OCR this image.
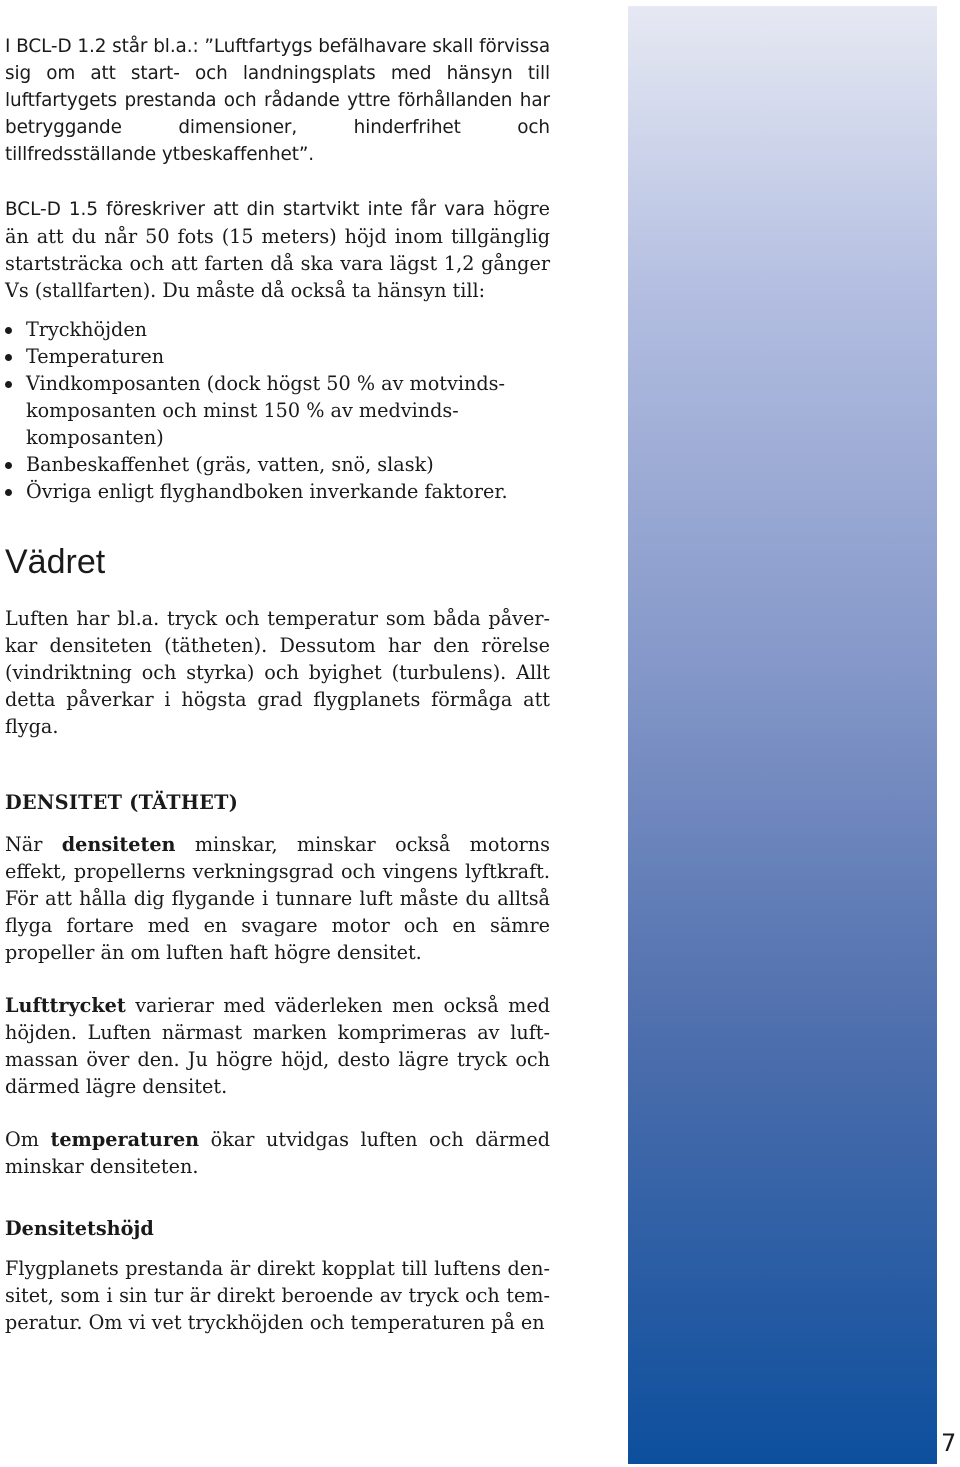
I BCL-D 1.2 står bl.a.: ”Luftfartygs befälhavare skall förvissa sig om att start- och landningsplats med hänsyn till luftfartygets prestanda och rådande yttre förhållanden har betryggande dimensioner, hinderfrihet och tillfredsställande ytbeskaffenhet”.

BCL-D 1.5 föreskriver att din startvikt inte får vara högre än att du når 50 fots (15 meters) höjd inom tillgänglig startsträcka och att farten då ska vara lägst 1,2 gånger Vs (stallfarten). Du måste då också ta hänsyn till:

Tryckhöjden
Temperaturen
Vindkomposanten (dock högst 50 % av motvindskomposanten och minst 150 % av medvindskomposanten)
Banbeskaffenhet (gräs, vatten, snö, slask)
Övriga enligt flyghandboken inverkande faktorer.
Vädret

Luften har bl.a. tryck och temperatur som båda påverkar densiteten (tätheten). Dessutom har den rörelse (vindriktning och styrka) och byighet (turbulens). Allt detta påverkar i högsta grad flygplanets förmåga att flyga.

DENSITET (TÄTHET)

När densiteten minskar, minskar också motorns effekt, propellerns verkningsgrad och vingens lyftkraft. För att hålla dig flygande i tunnare luft måste du alltså flyga fortare med en svagare motor och en sämre propeller än om luften haft högre densitet.

Lufttrycket varierar med väderleken men också med höjden. Luften närmast marken komprimeras av luftmassan över den. Ju högre höjd, desto lägre tryck och därmed lägre densitet.

Om temperaturen ökar utvidgas luften och därmed minskar densiteten.

Densitetshöjd

Flygplanets prestanda är direkt kopplat till luftens densitet, som i sin tur är direkt beroende av tryck och temperatur. Om vi vet tryckhöjden och temperaturen på en

7
